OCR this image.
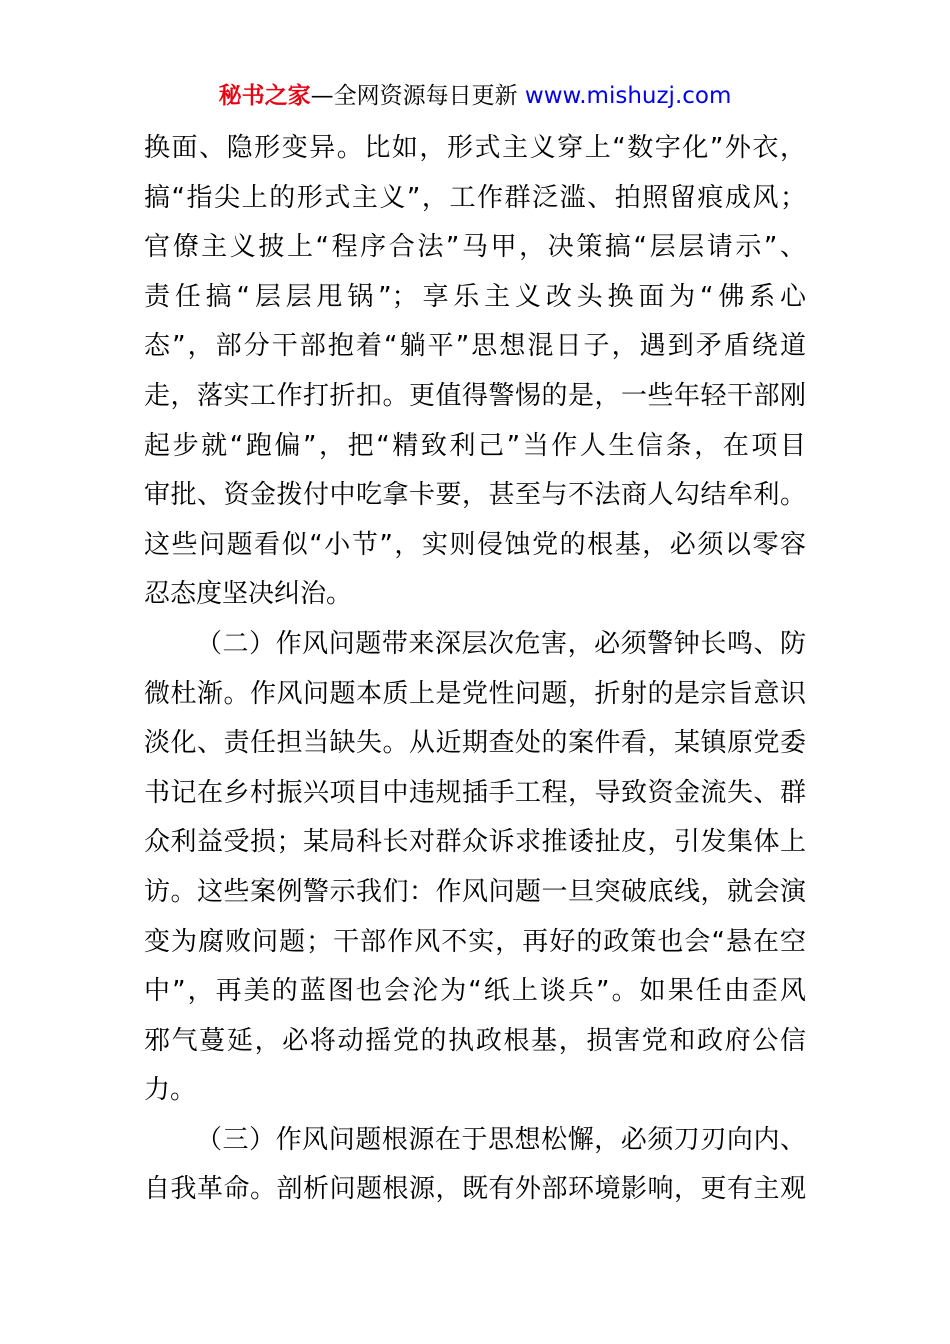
秘书之家—全网资源每日更新 www.mishuzj.com
换面、隐形变异。比如，形式主义穿上“数字化”外衣，
搞“指尖上的形式主义”，工作群泛滥、拍照留痕成风；
官僚主义披上“程序合法”马甲，决策搞“层层请示”、
责任搞“层层甩锅”；享乐主义改头换面为“佛系心
态”，部分干部抱着“躺平”思想混日子，遇到矛盾绕道
走，落实工作打折扣。更值得警惕的是，一些年轻干部刚
起步就“跑偏”，把“精致利己”当作人生信条，在项目
审批、资金拨付中吃拿卡要，甚至与不法商人勾结牟利。
这些问题看似“小节”，实则侵蚀党的根基，必须以零容
忍态度坚决纠治。
（二）作风问题带来深层次危害，必须警钟长鸣、防
微杜渐。作风问题本质上是党性问题，折射的是宗旨意识
淡化、责任担当缺失。从近期查处的案件看，某镇原党委
书记在乡村振兴项目中违规插手工程，导致资金流失、群
众利益受损；某局科长对群众诉求推诿扯皮，引发集体上
访。这些案例警示我们：作风问题一旦突破底线，就会演
变为腐败问题；干部作风不实，再好的政策也会“悬在空
中”，再美的蓝图也会沦为“纸上谈兵”。如果任由歪风
邪气蔓延，必将动摇党的执政根基，损害党和政府公信
力。
（三）作风问题根源在于思想松懈，必须刀刃向内、
自我革命。剖析问题根源，既有外部环境影响，更有主观
